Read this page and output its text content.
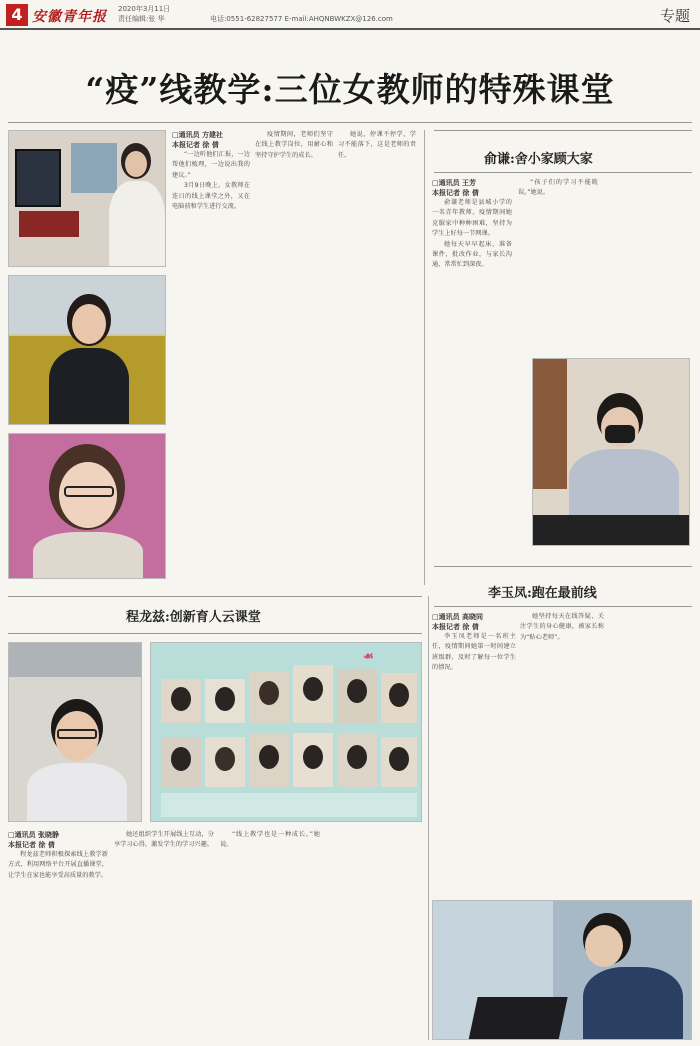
4 安徽青年报 2020年3月11日
责任编辑:张 华	电话:0551-62827577 E-mail:AHQNBWKZX@126.com	专题
“疫”线教学:三位女教师的特殊课堂
□通讯员 方建社
本报记者 徐 倩

“一边听他们汇报，一边帮他们梳理，一边说出我的建议。”

3月9日晚上，女教师在连日的线上课堂之外，又在电脑前和学生进行交流。

疫情期间，老师们坚守在线上教学岗位，用耐心和坚持守护学生的成长。

她说，停课不停学，学习不能落下，这是老师的责任。	俞谦:舍小家顾大家
□通讯员 王芳
本报记者 徐 倩

俞谦老师是县城小学的一名青年教师，疫情期间她克服家中种种困难，坚持为学生上好每一节网课。

她每天早早起床，准备课件，批改作业，与家长沟通，常常忙到深夜。

“孩子们的学习不能耽误。”她说。

程龙兹:创新育人云课堂
☙
□通讯员 张晓静
本报记者 徐 倩

程龙兹老师积极探索线上教学新方式，利用网络平台开展直播课堂，让学生在家也能享受高质量的教学。

她还组织学生开展线上互动，分享学习心得，激发学生的学习兴趣。

“线上教学也是一种成长。”她说。

李玉凤:跑在最前线
□通讯员 高晓同
本报记者 徐 倩

李玉凤老师是一名班主任，疫情期间她第一时间建立班级群，及时了解每一位学生的情况。

她坚持每天在线答疑，关注学生的身心健康，被家长称为“贴心老师”。
